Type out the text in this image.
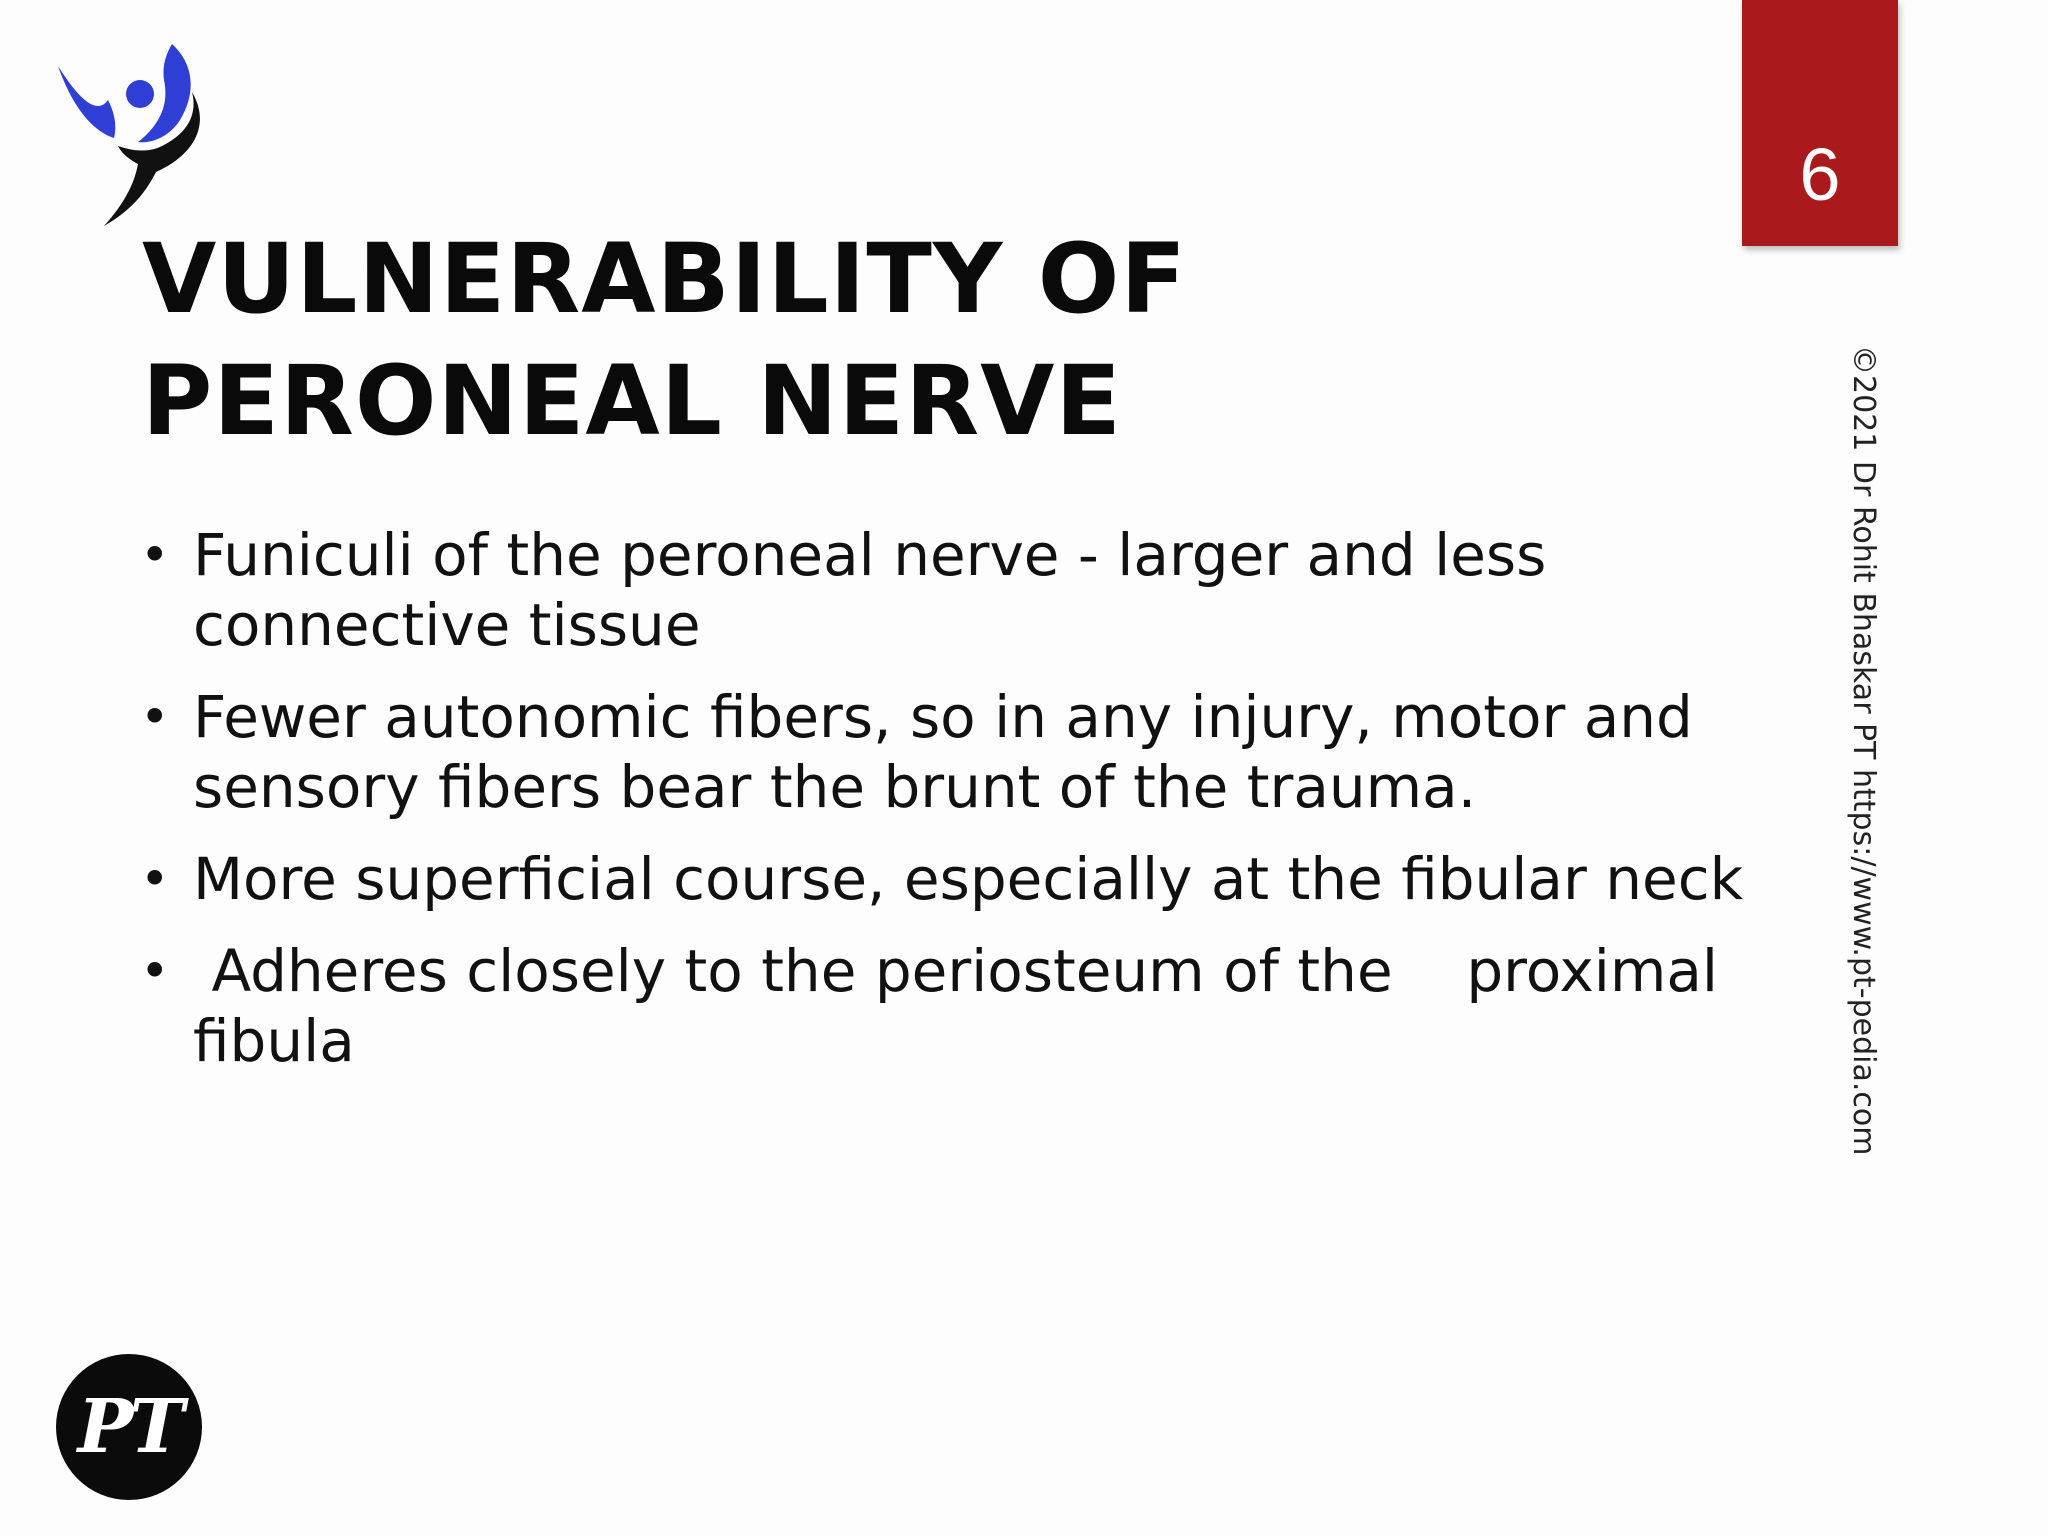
6
VULNERABILITY OF PERONEAL NERVE
• Funiculi of the peroneal nerve - larger and less connective tissue
• Fewer autonomic fibers, so in any injury, motor and sensory fibers bear the brunt of the trauma.
• More superficial course, especially at the fibular neck
• Adheres closely to the periosteum of the    proximal fibula	©2021 Dr Rohit Bhaskar PT https://www.pt-pedia.com
PT
